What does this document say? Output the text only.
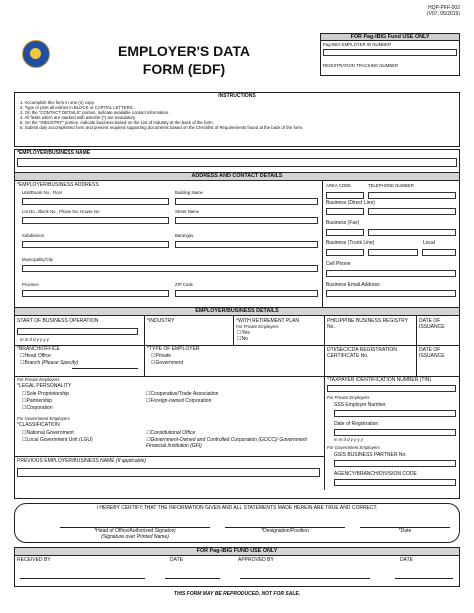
HQP-PFF-002
(V07, 05/2019)
EMPLOYER'S DATA
FORM (EDF)
FOR Pag-IBIG Fund USE ONLY
Pag-IBIG EMPLOYER ID NUMBER
REGISTRATION TRACKING NUMBER
INSTRUCTIONS
1. Accomplish this form in one (1) copy.
2. Type or print all entries in BLOCK or CAPITAL LETTERS.
3. On the "CONTACT DETAILS" portion, indicate available contact information.
4. All fields which are marked with asterisk (*) are mandatory.
5. On the "INDUSTRY" portion, indicate business based on the List of Industry at the back of the form.
6. Submit duly accomplished form and present required supporting documents based on the Checklist of Requirements found at the back of the form.
*EMPLOYER/BUSINESS NAME
ADDRESS AND CONTACT DETAILS
*EMPLOYER/BUSINESS ADDRESS
Unit/Room No., Floor	Building Name
Lot No., Block No., Phase No. House No	Street Name
Subdivision	Barangay
Municipality/City
Province	ZIP Code
AREA CODE	TELEPHONE NUMBER
Business (Direct Line)
Business (Fax)
Business (Trunk Line)	Local
Cell Phone
Business Email Address
EMPLOYER/BUSINESS DETAILS
START OF BUSINESS OPERATION
m m d d y y y y
*INDUSTRY	*WITH RETIREMENT PLAN
For Private Employers
☐ Yes
☐ No
PHILIPPINE BUSINESS REGISTRY No.
DATE OF ISSUANCE
*BRANCH/OFFICE
☐ Head Office
☐ Branch (Please Specify)
*TYPE OF EMPLOYER
☐ Private
☐ Government
DTI/SEC/CDA REGISTRATION CERTIFICATE No.
DATE OF ISSUANCE
For Private Employers
*LEGAL PERSONALITY
☐ Sole Proprietorship
☐ Partnership
☐ Corporation
☐ Cooperative/Trade Association
☐ Foreign-owned Corporation
For Government Employers
*CLASSIFICATION
☐ National Government
☐ Local Government Unit (LGU)
☐ Constitutional Office
☐ Government-Owned and Controlled Corporation (GOCC)/ Government Financial Institution (GFI)
*TAXPAYER IDENTIFICATION NUMBER (TIN)
For Private Employers
SSS Employer Number
Date of Registration
m m d d y y y y
For Government Employers
GSIS BUSINESS PARTNER No.
AGENCY/BRANCH/DIVISION CODE
PREVIOUS EMPLOYER/BUSINESS NAME (If applicable)
I HEREBY CERTIFY THAT THE INFORMATION GIVEN AND ALL STATEMENTS MADE HEREIN ARE TRUE AND CORRECT.
*Head of Office/Authorized Signatory
(Signature over Printed Name)
*Designation/Position	*Date
FOR Pag-IBIG FUND USE ONLY
RECEIVED BY	DATE	APPROVED BY	DATE
THIS FORM MAY BE REPRODUCED. NOT FOR SALE.
